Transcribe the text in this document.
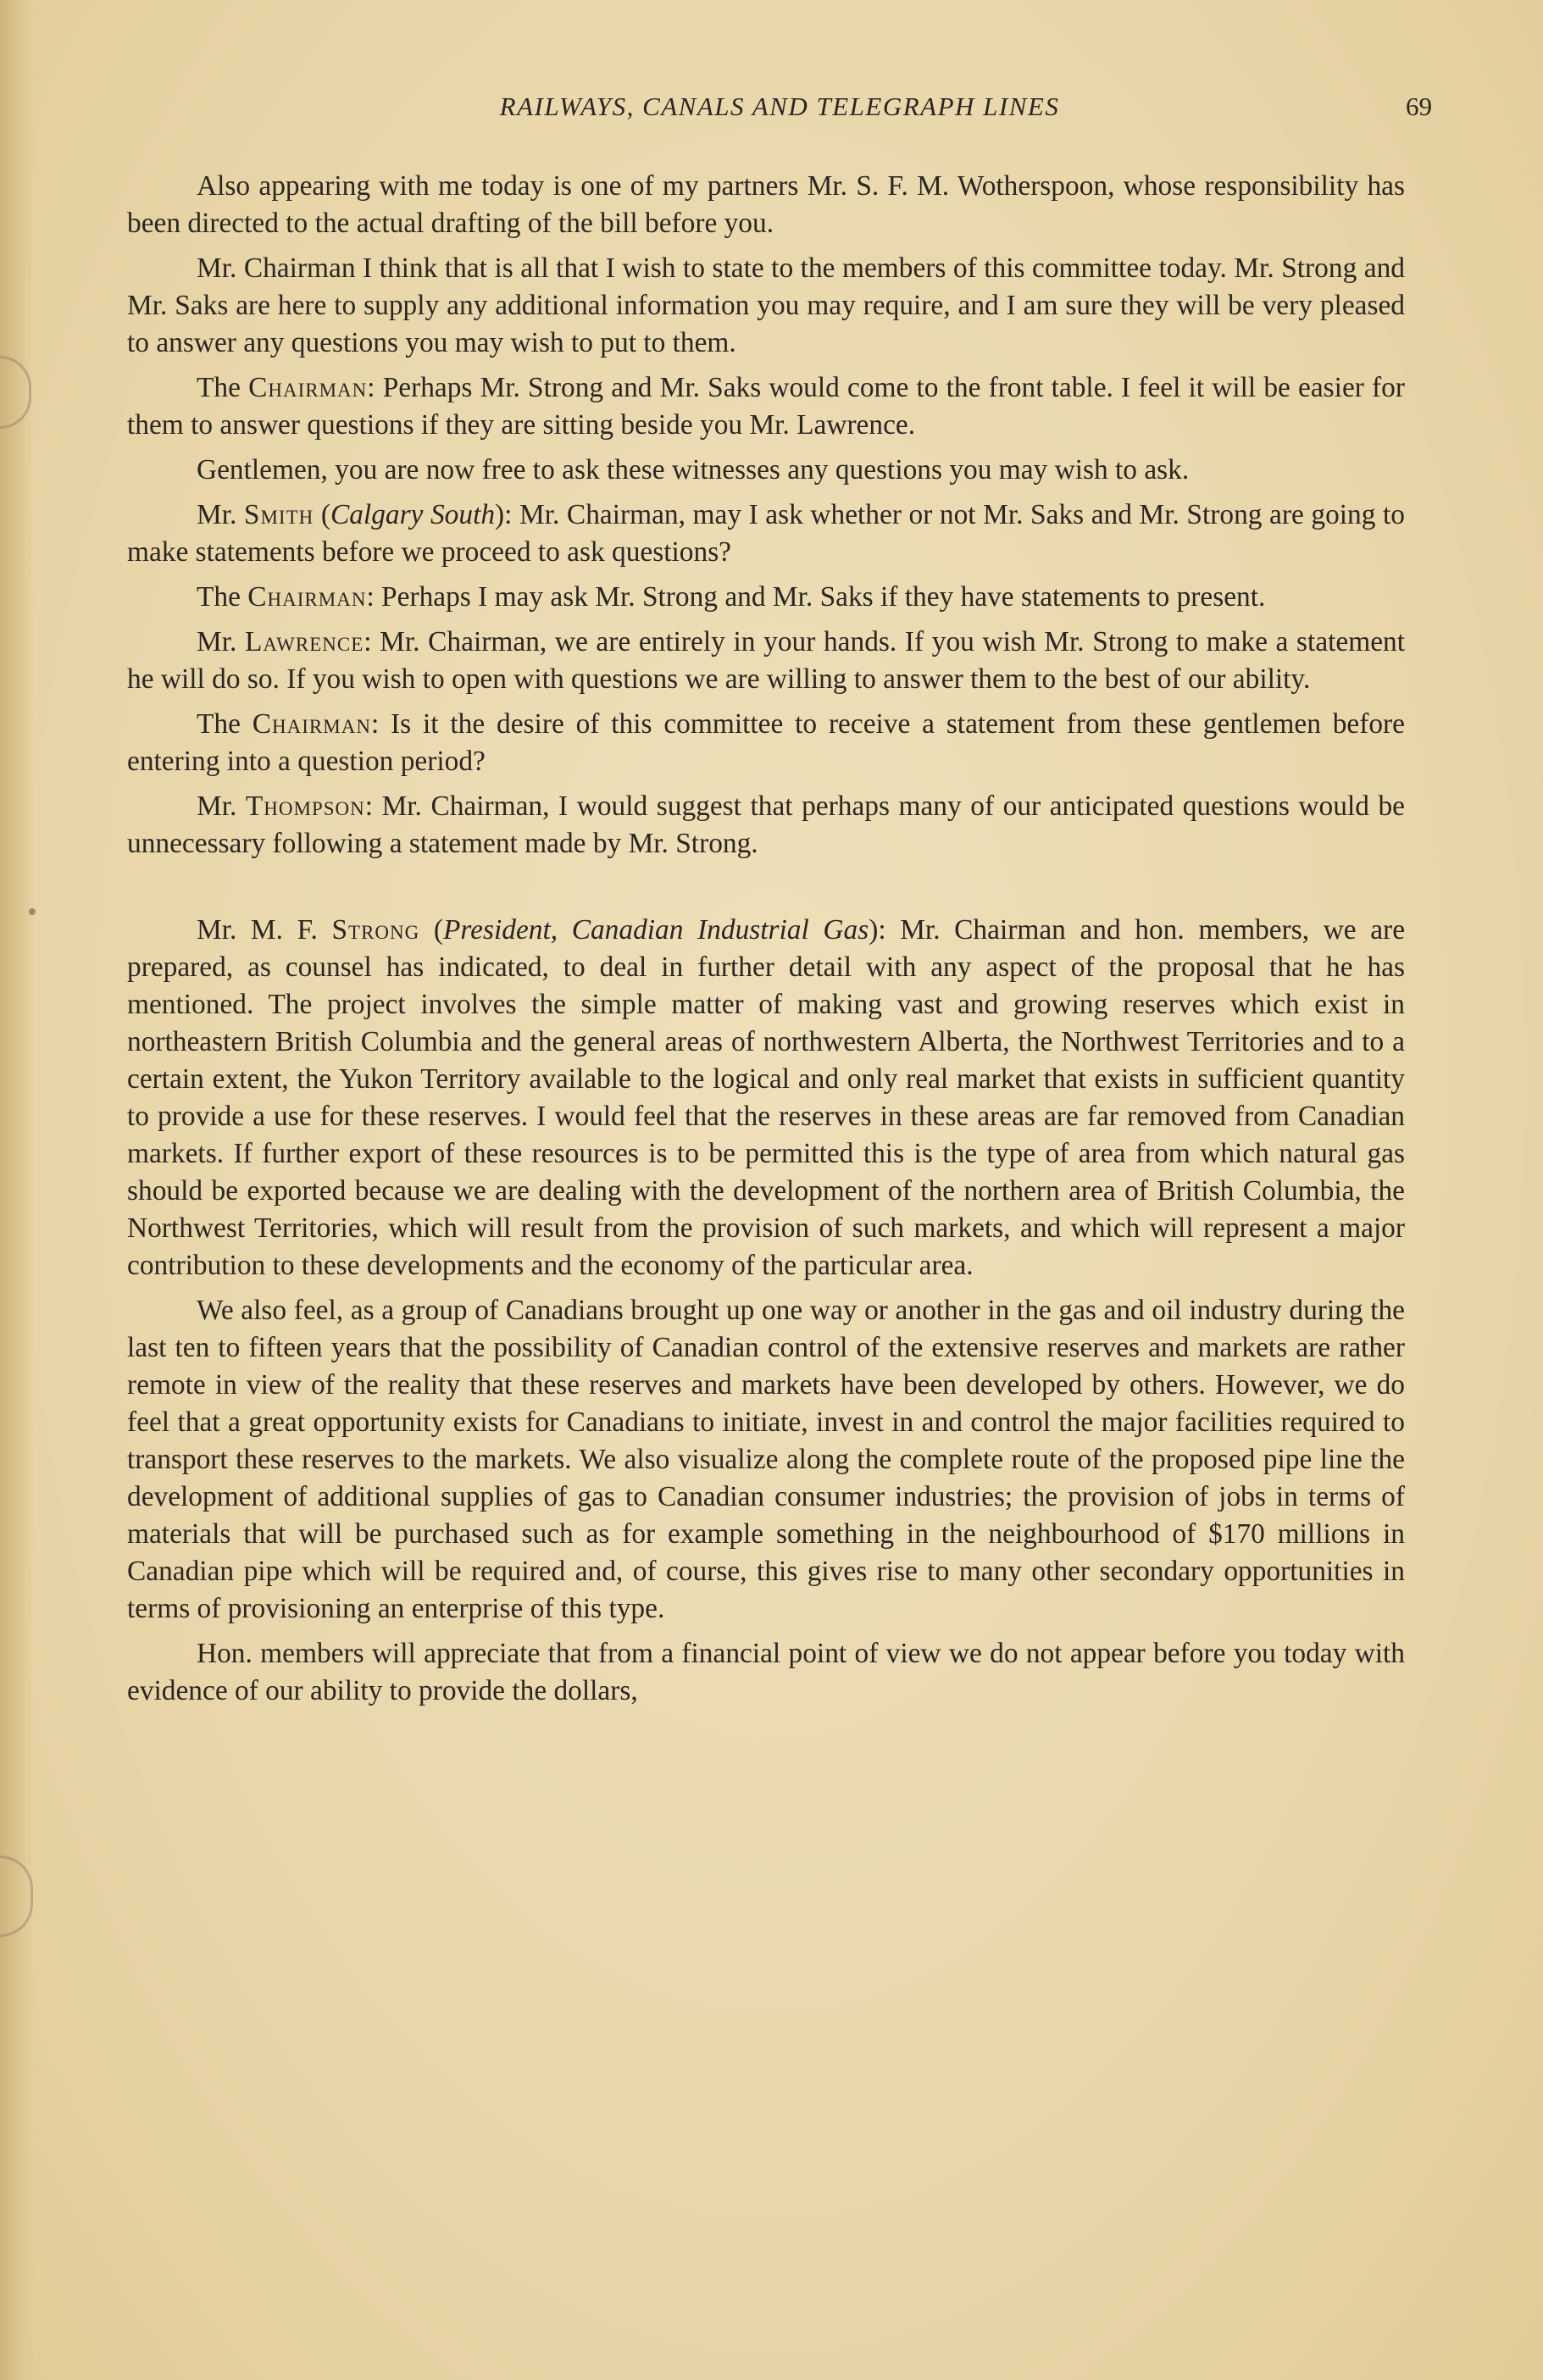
RAILWAYS, CANALS AND TELEGRAPH LINES	69

Also appearing with me today is one of my partners Mr. S. F. M. Wotherspoon, whose responsibility has been directed to the actual drafting of the bill before you.

Mr. Chairman I think that is all that I wish to state to the members of this committee today. Mr. Strong and Mr. Saks are here to supply any additional information you may require, and I am sure they will be very pleased to answer any questions you may wish to put to them.

The Chairman: Perhaps Mr. Strong and Mr. Saks would come to the front table. I feel it will be easier for them to answer questions if they are sitting beside you Mr. Lawrence.

Gentlemen, you are now free to ask these witnesses any questions you may wish to ask.

Mr. Smith (Calgary South): Mr. Chairman, may I ask whether or not Mr. Saks and Mr. Strong are going to make statements before we proceed to ask questions?

The Chairman: Perhaps I may ask Mr. Strong and Mr. Saks if they have statements to present.

Mr. Lawrence: Mr. Chairman, we are entirely in your hands. If you wish Mr. Strong to make a statement he will do so. If you wish to open with questions we are willing to answer them to the best of our ability.

The Chairman: Is it the desire of this committee to receive a statement from these gentlemen before entering into a question period?

Mr. Thompson: Mr. Chairman, I would suggest that perhaps many of our anticipated questions would be unnecessary following a statement made by Mr. Strong.

Mr. M. F. Strong (President, Canadian Industrial Gas): Mr. Chairman and hon. members, we are prepared, as counsel has indicated, to deal in further detail with any aspect of the proposal that he has mentioned. The project involves the simple matter of making vast and growing reserves which exist in northeastern British Columbia and the general areas of northwestern Alberta, the Northwest Territories and to a certain extent, the Yukon Territory available to the logical and only real market that exists in sufficient quantity to provide a use for these reserves. I would feel that the reserves in these areas are far removed from Canadian markets. If further export of these resources is to be permitted this is the type of area from which natural gas should be exported because we are dealing with the development of the northern area of British Columbia, the Northwest Territories, which will result from the provision of such markets, and which will represent a major contribution to these developments and the economy of the particular area.

We also feel, as a group of Canadians brought up one way or another in the gas and oil industry during the last ten to fifteen years that the possibility of Canadian control of the extensive reserves and markets are rather remote in view of the reality that these reserves and markets have been developed by others. However, we do feel that a great opportunity exists for Canadians to initiate, invest in and control the major facilities required to transport these reserves to the markets. We also visualize along the complete route of the proposed pipe line the development of additional supplies of gas to Canadian consumer industries; the provision of jobs in terms of materials that will be purchased such as for example something in the neighbourhood of $170 millions in Canadian pipe which will be required and, of course, this gives rise to many other secondary opportunities in terms of provisioning an enterprise of this type.

Hon. members will appreciate that from a financial point of view we do not appear before you today with evidence of our ability to provide the dollars,
